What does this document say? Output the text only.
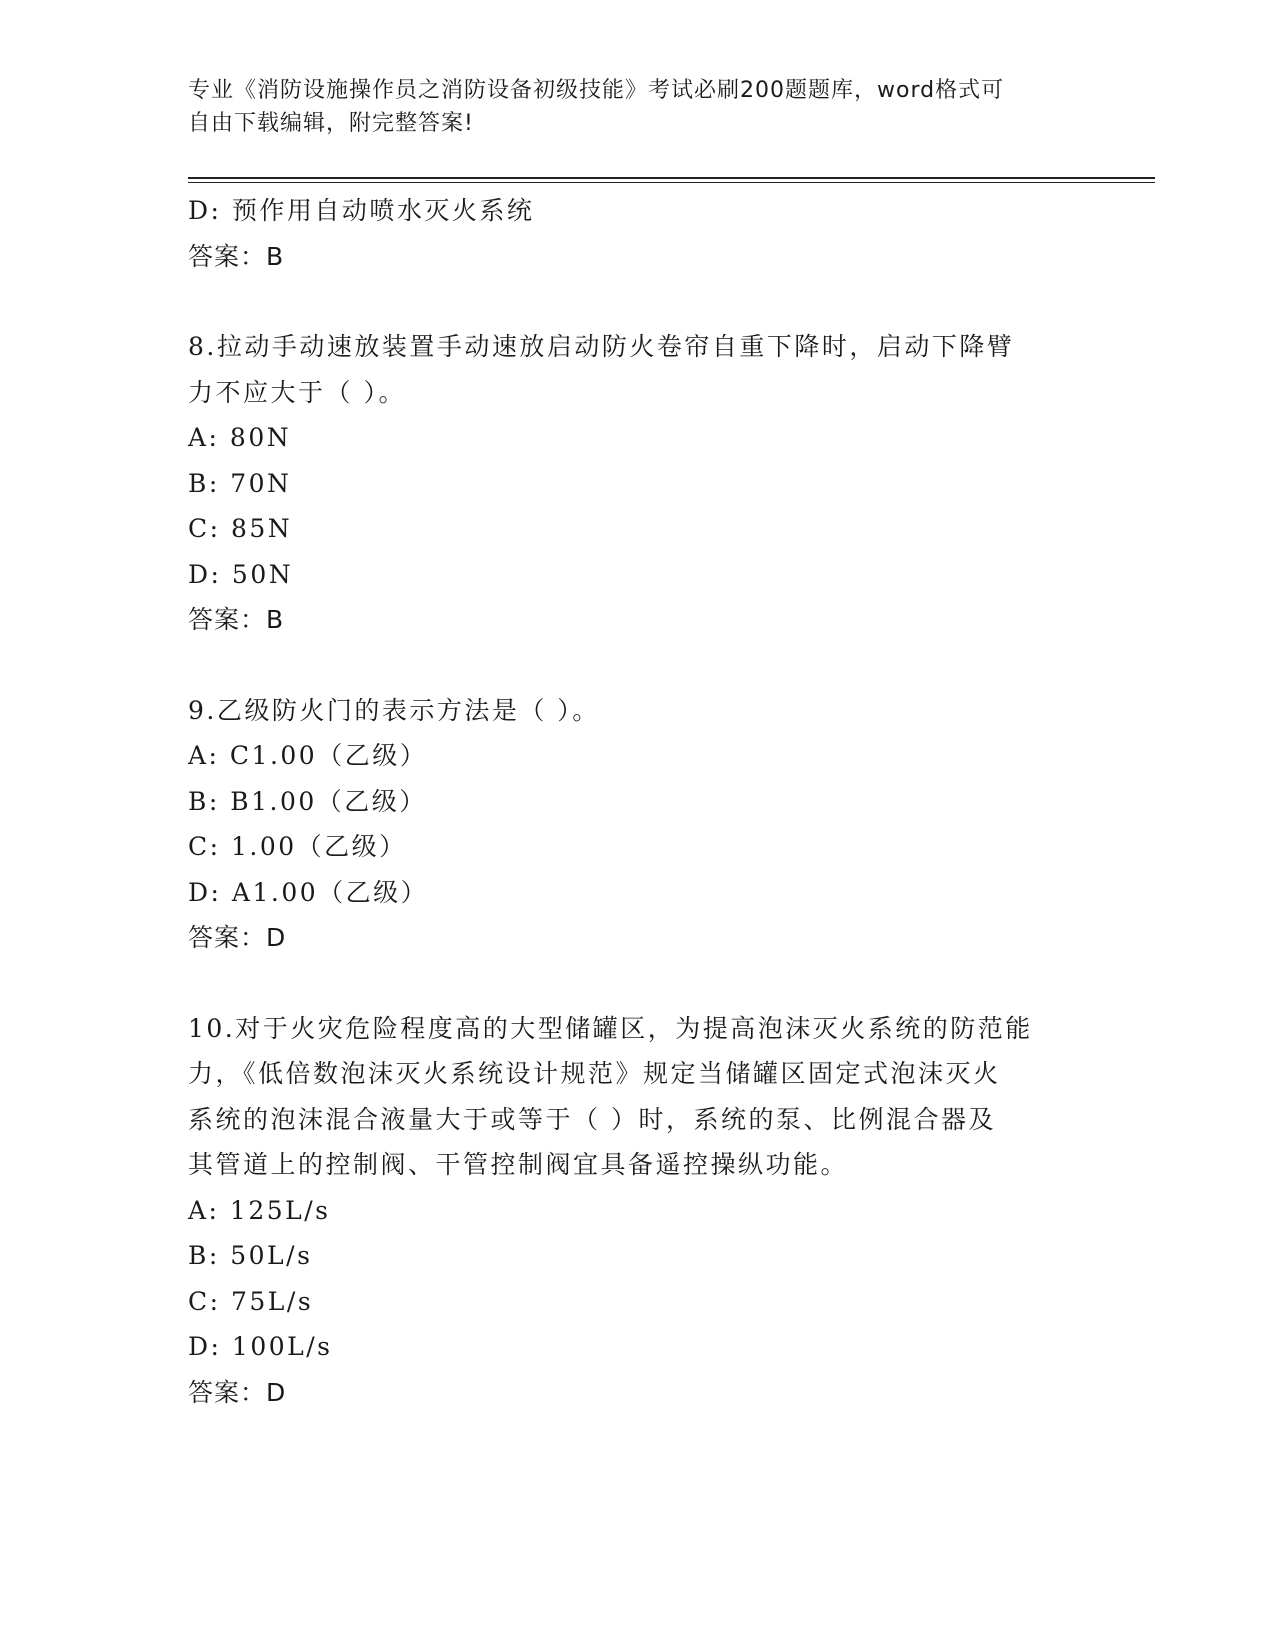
专业《消防设施操作员之消防设备初级技能》考试必刷200题题库，word格式可
自由下载编辑，附完整答案!
D: 预作用自动喷水灭火系统
答案：B
8.拉动手动速放装置手动速放启动防火卷帘自重下降时，启动下降臂
力不应大于（ ）。
A: 80N
B: 70N
C: 85N
D: 50N
答案：B
9.乙级防火门的表示方法是（ ）。
A: C1.00（乙级）
B: B1.00（乙级）
C: 1.00（乙级）
D: A1.00（乙级）
答案：D
10.对于火灾危险程度高的大型储罐区，为提高泡沫灭火系统的防范能
力，《低倍数泡沫灭火系统设计规范》规定当储罐区固定式泡沫灭火
系统的泡沫混合液量大于或等于（ ）时，系统的泵、比例混合器及
其管道上的控制阀、干管控制阀宜具备遥控操纵功能。
A: 125L/s
B: 50L/s
C: 75L/s
D: 100L/s
答案：D
